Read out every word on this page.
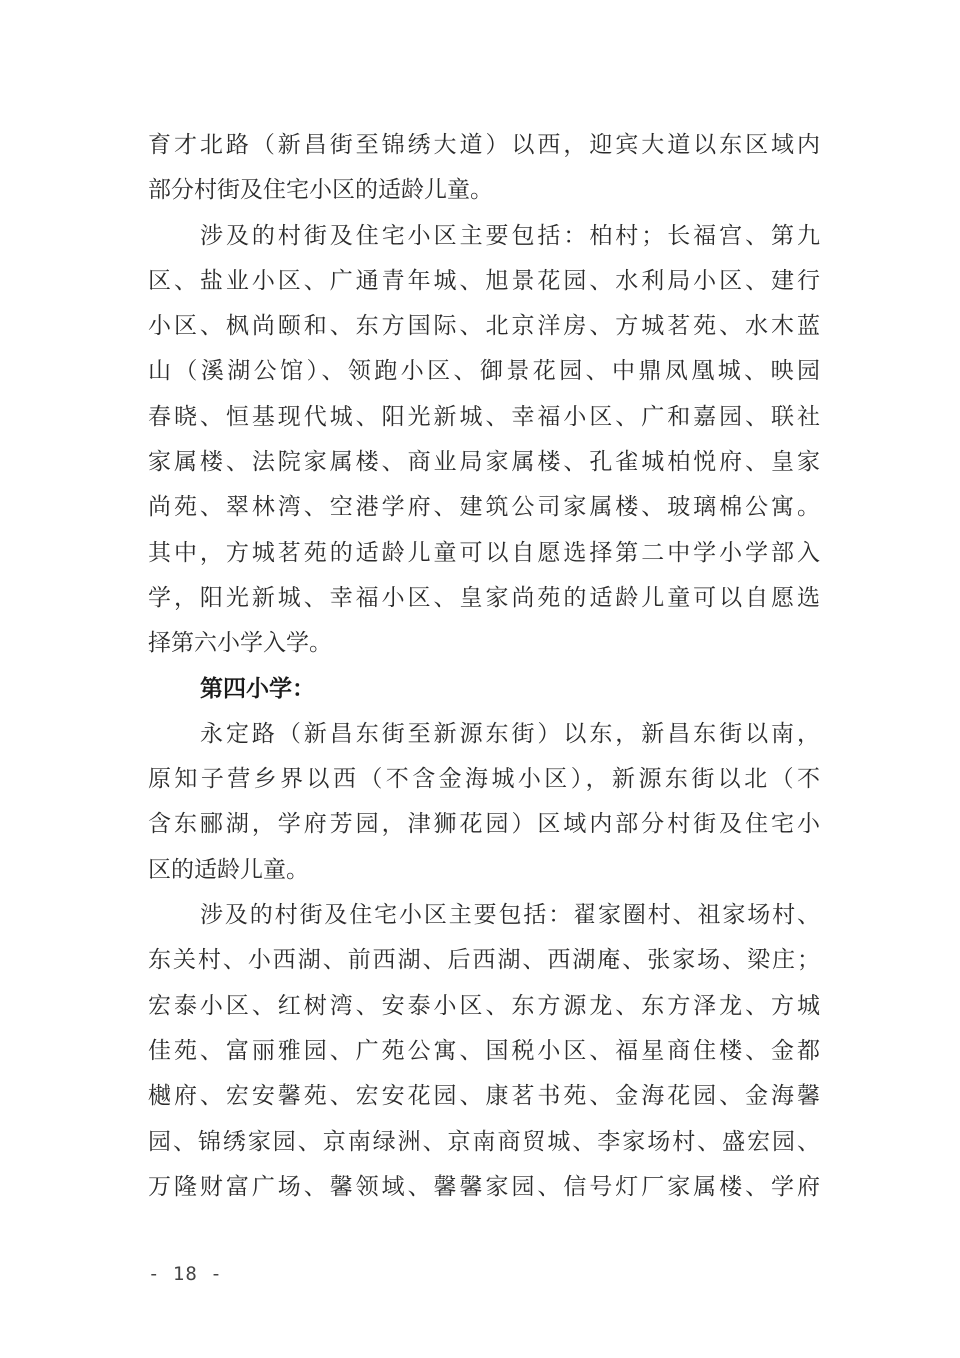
育才北路（新昌街至锦绣大道）以西，迎宾大道以东区域内
部分村街及住宅小区的适龄儿童。
涉及的村街及住宅小区主要包括：柏村；长福宫、第九
区、盐业小区、广通青年城、旭景花园、水利局小区、建行
小区、枫尚颐和、东方国际、北京洋房、方城茗苑、水木蓝
山（溪湖公馆）、领跑小区、御景花园、中鼎凤凰城、映园
春晓、恒基现代城、阳光新城、幸福小区、广和嘉园、联社
家属楼、法院家属楼、商业局家属楼、孔雀城柏悦府、皇家
尚苑、翠林湾、空港学府、建筑公司家属楼、玻璃棉公寓。
其中，方城茗苑的适龄儿童可以自愿选择第二中学小学部入
学，阳光新城、幸福小区、皇家尚苑的适龄儿童可以自愿选
择第六小学入学。
第四小学：
永定路（新昌东街至新源东街）以东，新昌东街以南，
原知子营乡界以西（不含金海城小区），新源东街以北（不
含东郦湖，学府芳园，津狮花园）区域内部分村街及住宅小
区的适龄儿童。
涉及的村街及住宅小区主要包括：翟家圈村、祖家场村、
东关村、小西湖、前西湖、后西湖、西湖庵、张家场、梁庄；
宏泰小区、红树湾、安泰小区、东方源龙、东方泽龙、方城
佳苑、富丽雅园、广苑公寓、国税小区、福星商住楼、金都
樾府、宏安馨苑、宏安花园、康茗书苑、金海花园、金海馨
园、锦绣家园、京南绿洲、京南商贸城、李家场村、盛宏园、
万隆财富广场、馨领域、馨馨家园、信号灯厂家属楼、学府
- 18 -
